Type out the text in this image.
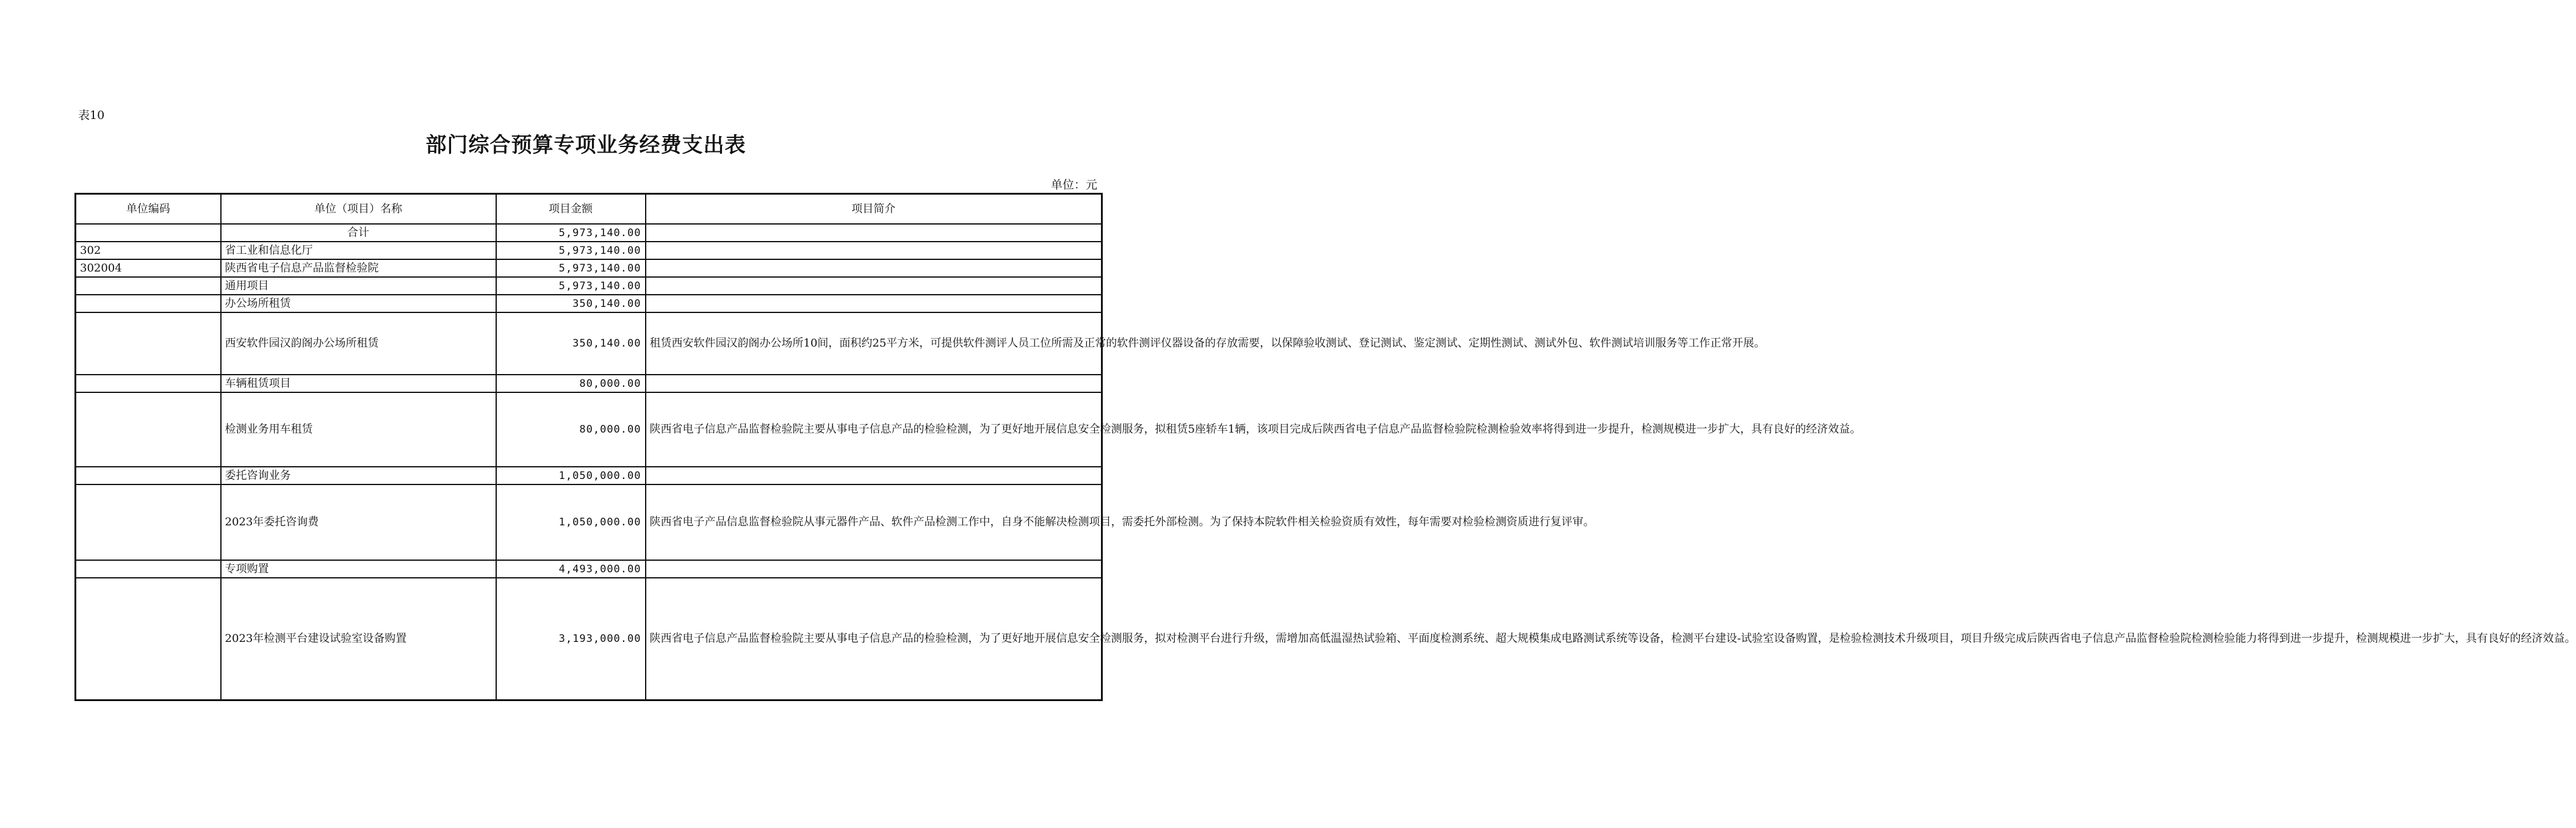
表10
部门综合预算专项业务经费支出表
单位：元
单位编码	单位（项目）名称	项目金额	项目简介
	合计	5,973,140.00	
302	省工业和信息化厅	5,973,140.00	
302004	陕西省电子信息产品监督检验院	5,973,140.00	
	通用项目	5,973,140.00	
	办公场所租赁	350,140.00	
	西安软件园汉韵阁办公场所租赁	350,140.00	租赁西安软件园汉韵阁办公场所10间，面积约25平方米，可提供软件测评人员工位所需及正常的软件测评仪器设备的存放需要，以保障验收测试、登记测试、鉴定测试、定期性测试、测试外包、软件测试培训服务等工作正常开展。
	车辆租赁项目	80,000.00	
	检测业务用车租赁	80,000.00	陕西省电子信息产品监督检验院主要从事电子信息产品的检验检测，为了更好地开展信息安全检测服务，拟租赁5座轿车1辆，该项目完成后陕西省电子信息产品监督检验院检测检验效率将得到进一步提升，检测规模进一步扩大，具有良好的经济效益。
	委托咨询业务	1,050,000.00	
	2023年委托咨询费	1,050,000.00	陕西省电子产品信息监督检验院从事元器件产品、软件产品检测工作中，自身不能解决检测项目，需委托外部检测。为了保持本院软件相关检验资质有效性，每年需要对检验检测资质进行复评审。
	专项购置	4,493,000.00	
	2023年检测平台建设试验室设备购置	3,193,000.00	陕西省电子信息产品监督检验院主要从事电子信息产品的检验检测，为了更好地开展信息安全检测服务，拟对检测平台进行升级，需增加高低温湿热试验箱、平面度检测系统、超大规模集成电路测试系统等设备，检测平台建设-试验室设备购置，是检验检测技术升级项目，项目升级完成后陕西省电子信息产品监督检验院检测检验能力将得到进一步提升，检测规模进一步扩大，具有良好的经济效益。
